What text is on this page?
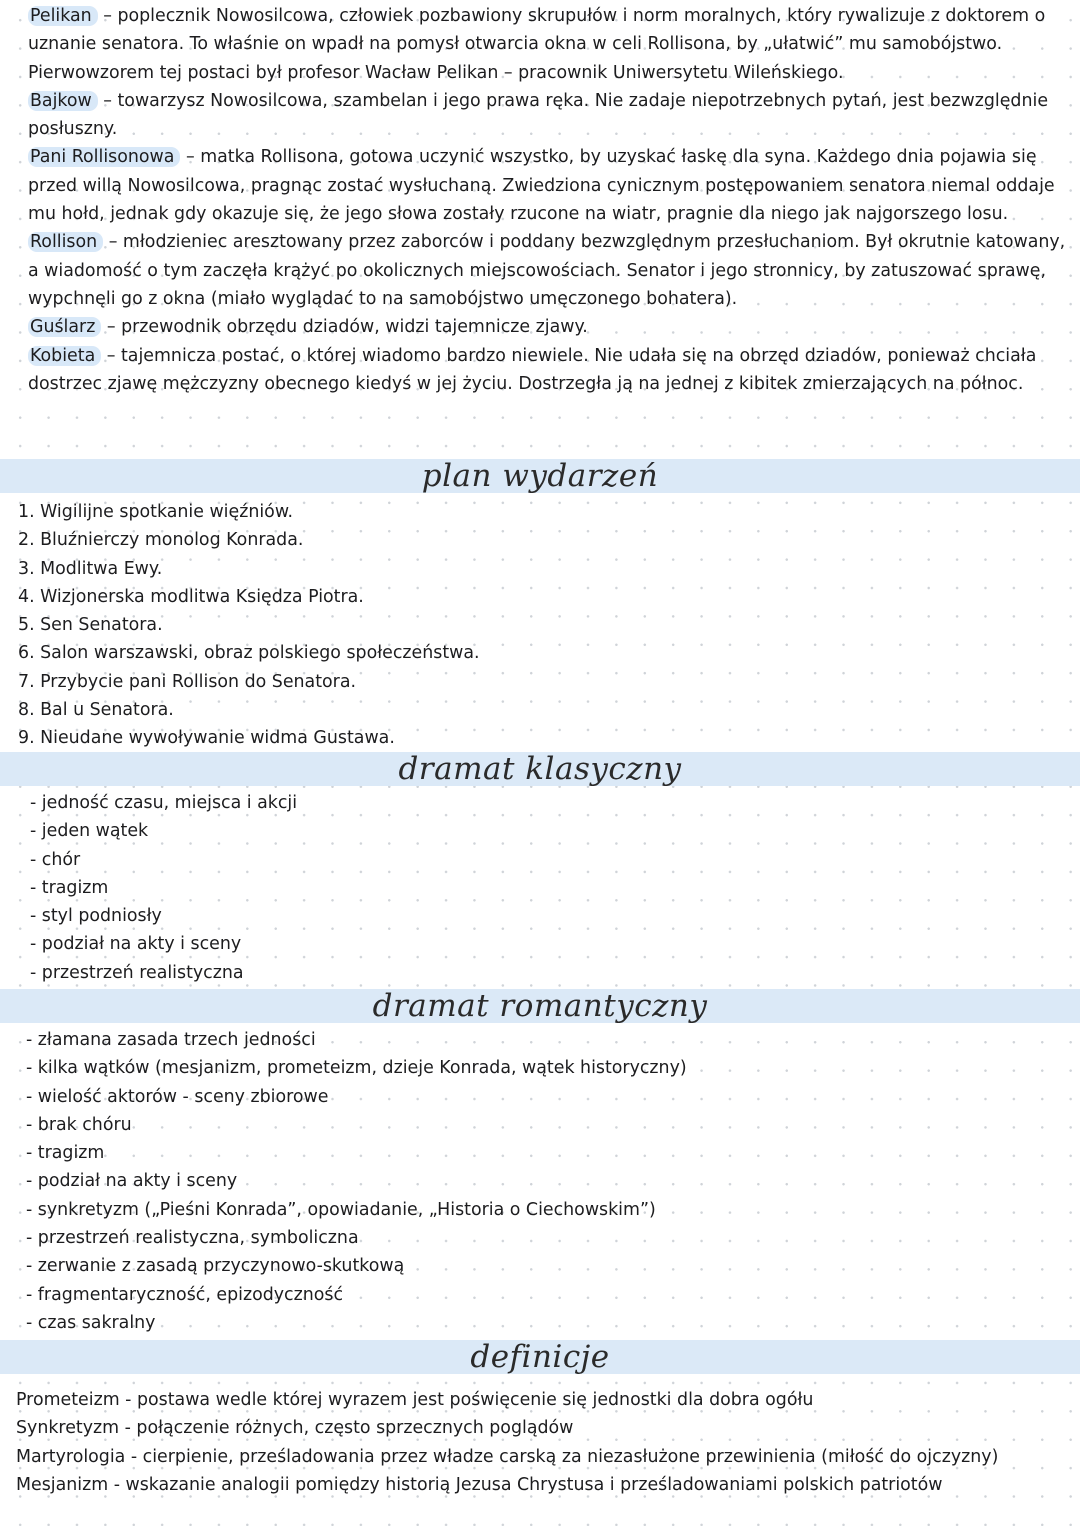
Pelikan – poplecznik Nowosilcowa, człowiek pozbawiony skrupułów i norm moralnych, który rywalizuje z doktorem o uznanie senatora. To właśnie on wpadł na pomysł otwarcia okna w celi Rollisona, by „ułatwić” mu samobójstwo. Pierwowzorem tej postaci był profesor Wacław Pelikan – pracownik Uniwersytetu Wileńskiego.
Bajkow – towarzysz Nowosilcowa, szambelan i jego prawa ręka. Nie zadaje niepotrzebnych pytań, jest bezwzględnie posłuszny.
Pani Rollisonowa – matka Rollisona, gotowa uczynić wszystko, by uzyskać łaskę dla syna. Każdego dnia pojawia się przed willą Nowosilcowa, pragnąc zostać wysłuchaną. Zwiedziona cynicznym postępowaniem senatora niemal oddaje mu hołd, jednak gdy okazuje się, że jego słowa zostały rzucone na wiatr, pragnie dla niego jak najgorszego losu.
Rollison – młodzieniec aresztowany przez zaborców i poddany bezwzględnym przesłuchaniom. Był okrutnie katowany, a wiadomość o tym zaczęła krążyć po okolicznych miejscowościach. Senator i jego stronnicy, by zatuszować sprawę, wypchnęli go z okna (miało wyglądać to na samobójstwo umęczonego bohatera).
Guślarz – przewodnik obrzędu dziadów, widzi tajemnicze zjawy.
Kobieta – tajemnicza postać, o której wiadomo bardzo niewiele. Nie udała się na obrzęd dziadów, ponieważ chciała dostrzec zjawę mężczyzny obecnego kiedyś w jej życiu. Dostrzegła ją na jednej z kibitek zmierzających na północ.
plan wydarzeń
1. Wigilijne spotkanie więźniów.
2. Bluźnierczy monolog Konrada.
3. Modlitwa Ewy.
4. Wizjonerska modlitwa Księdza Piotra.
5. Sen Senatora.
6. Salon warszawski, obraz polskiego społeczeństwa.
7. Przybycie pani Rollison do Senatora.
8. Bal u Senatora.
9. Nieudane wywoływanie widma Gustawa.
dramat klasyczny
- jedność czasu, miejsca i akcji
- jeden wątek
- chór
- tragizm
- styl podniosły
- podział na akty i sceny
- przestrzeń realistyczna
dramat romantyczny
- złamana zasada trzech jedności
- kilka wątków (mesjanizm, prometeizm, dzieje Konrada, wątek historyczny)
- wielość aktorów - sceny zbiorowe
- brak chóru
- tragizm
- podział na akty i sceny
- synkretyzm („Pieśni Konrada”, opowiadanie, „Historia o Ciechowskim”)
- przestrzeń realistyczna, symboliczna
- zerwanie z zasadą przyczynowo-skutkową
- fragmentaryczność, epizodyczność
- czas sakralny
definicje
Prometeizm - postawa wedle której wyrazem jest poświęcenie się jednostki dla dobra ogółu
Synkretyzm - połączenie różnych, często sprzecznych poglądów
Martyrologia - cierpienie, prześladowania przez władze carską za niezasłużone przewinienia (miłość do ojczyzny)
Mesjanizm - wskazanie analogii pomiędzy historią Jezusa Chrystusa i prześladowaniami polskich patriotów
